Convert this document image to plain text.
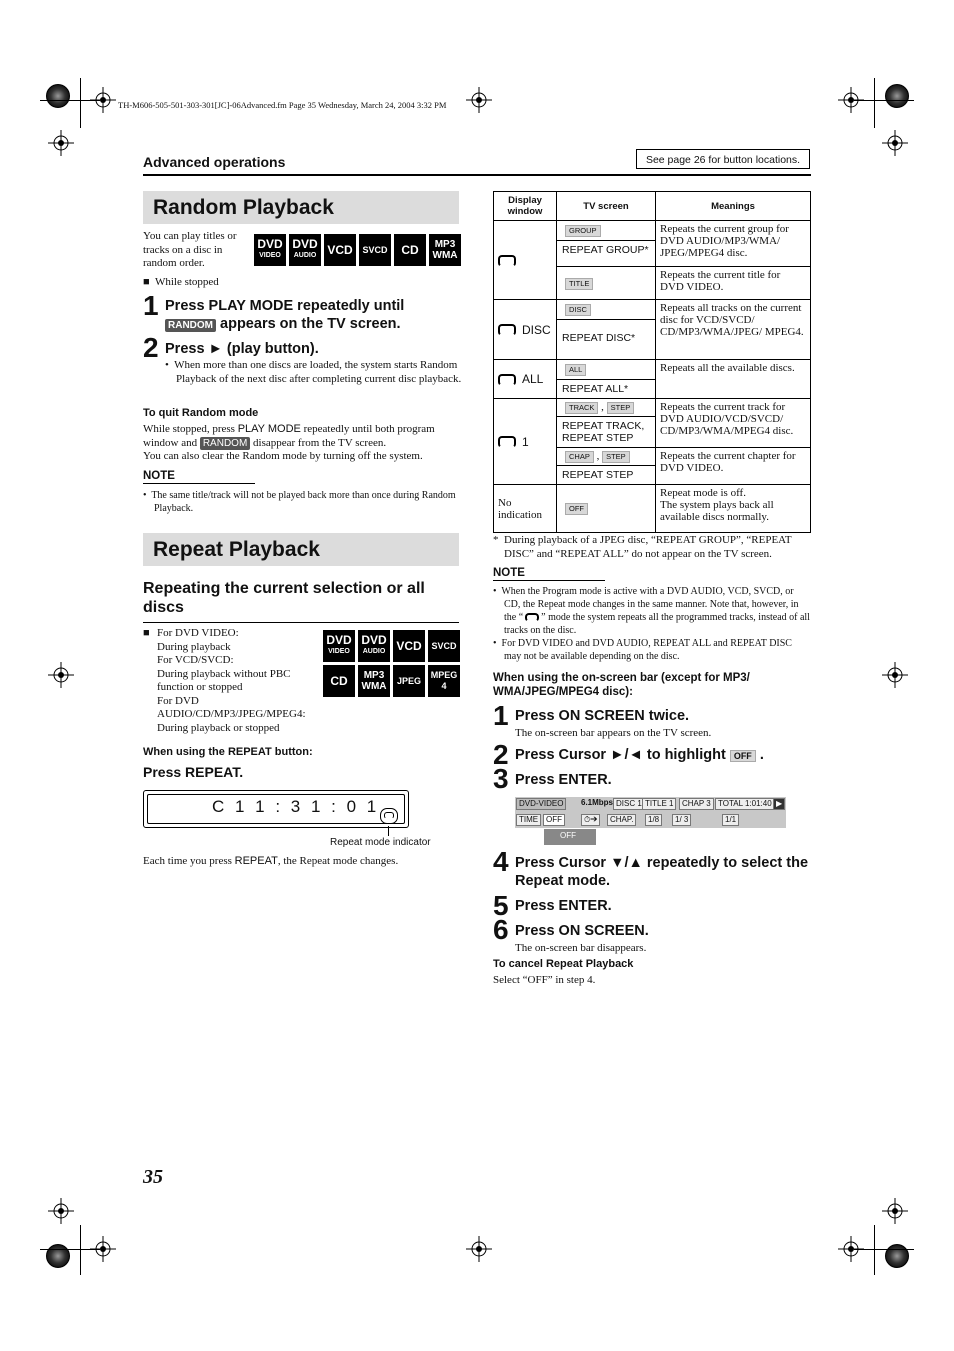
TH-M606-505-501-303-301[JC]-06Advanced.fm Page 35 Wednesday, March 24, 2004 3:32 PM
Advanced operations	See page 26 for button locations.
Random Playback
You can play titles or tracks on a disc in random order.
DVD
VIDEO
DVD
AUDIO VCD	SVCD	CD	MP3
WMA
■  While stopped
1 Press PLAY MODE repeatedly until
RANDOM appears on the TV screen.
2 Press ► (play button).
•  When more than one discs are loaded, the system starts Random Playback of the next disc after completing current disc playback.
To quit Random mode
While stopped, press PLAY MODE repeatedly until both program window and RANDOM disappear from the TV screen.
You can also clear the Random mode by turning off the system.
NOTE
•  The same title/track will not be played back more than once during Random Playback.
Repeat Playback
Repeating the current selection or all discs
■ For DVD VIDEO:
During playback
For VCD/SVCD:
During playback without PBC function or stopped
For DVD AUDIO/CD/MP3/JPEG/MPEG4:
During playback or stopped
DVD
VIDEO
DVD
AUDIO VCD	SVCD
CD	MP3
WMA	JPEG
MPEG
4
When using the REPEAT button:
Press REPEAT.
C 1 1 : 3 1 : 0 1
Repeat mode indicator
Each time you press REPEAT, the Repeat mode changes.
Display window	TV screen	Meanings

	GROUP
REPEAT GROUP*	Repeats the current group for DVD AUDIO/MP3/WMA/ JPEG/MPEG4 disc.
	TITLE	Repeats the current title for DVD VIDEO.
DISC	DISC
REPEAT DISC*	Repeats all tracks on the current disc for VCD/SVCD/ CD/MP3/WMA/JPEG/ MPEG4.
ALL	ALL
REPEAT ALL*	Repeats all the available discs.
1	TRACK , STEP
REPEAT TRACK, REPEAT STEP	Repeats the current track for DVD AUDIO/VCD/SVCD/ CD/MP3/WMA/MPEG4 disc.

	CHAP , STEP
REPEAT STEP	Repeats the current chapter for DVD VIDEO.
No indication	OFF	Repeat mode is off.
The system plays back all available discs normally.
*  During playback of a JPEG disc, “REPEAT GROUP”, “REPEAT DISC” and “REPEAT ALL” do not appear on the TV screen.
NOTE
•  When the Program mode is active with a DVD AUDIO, VCD, SVCD, or CD, the Repeat mode changes in the same manner. Note that, however, in the “ ” mode the system repeats all the programmed tracks, instead of all tracks on the disc.
•  For DVD VIDEO and DVD AUDIO, REPEAT ALL and REPEAT DISC may not be available depending on the disc.
When using the on-screen bar (except for MP3/ WMA/JPEG/MPEG4 disc):
1 Press ON SCREEN twice.
The on-screen bar appears on the TV screen.
2 Press Cursor ►/◄ to highlight OFF .
3 Press ENTER.
DVD-VIDEO	6.1Mbps DISC 1 TITLE 1	CHAP 3 TOTAL 1:01:40 ▶
TIME OFF	⏱➔	CHAP.	1/8	1/ 3	1/1
OFF
4 Press Cursor ▼/▲ repeatedly to select the Repeat mode.
5 Press ENTER.
6 Press ON SCREEN.
The on-screen bar disappears.
To cancel Repeat Playback
Select “OFF” in step 4.
35
